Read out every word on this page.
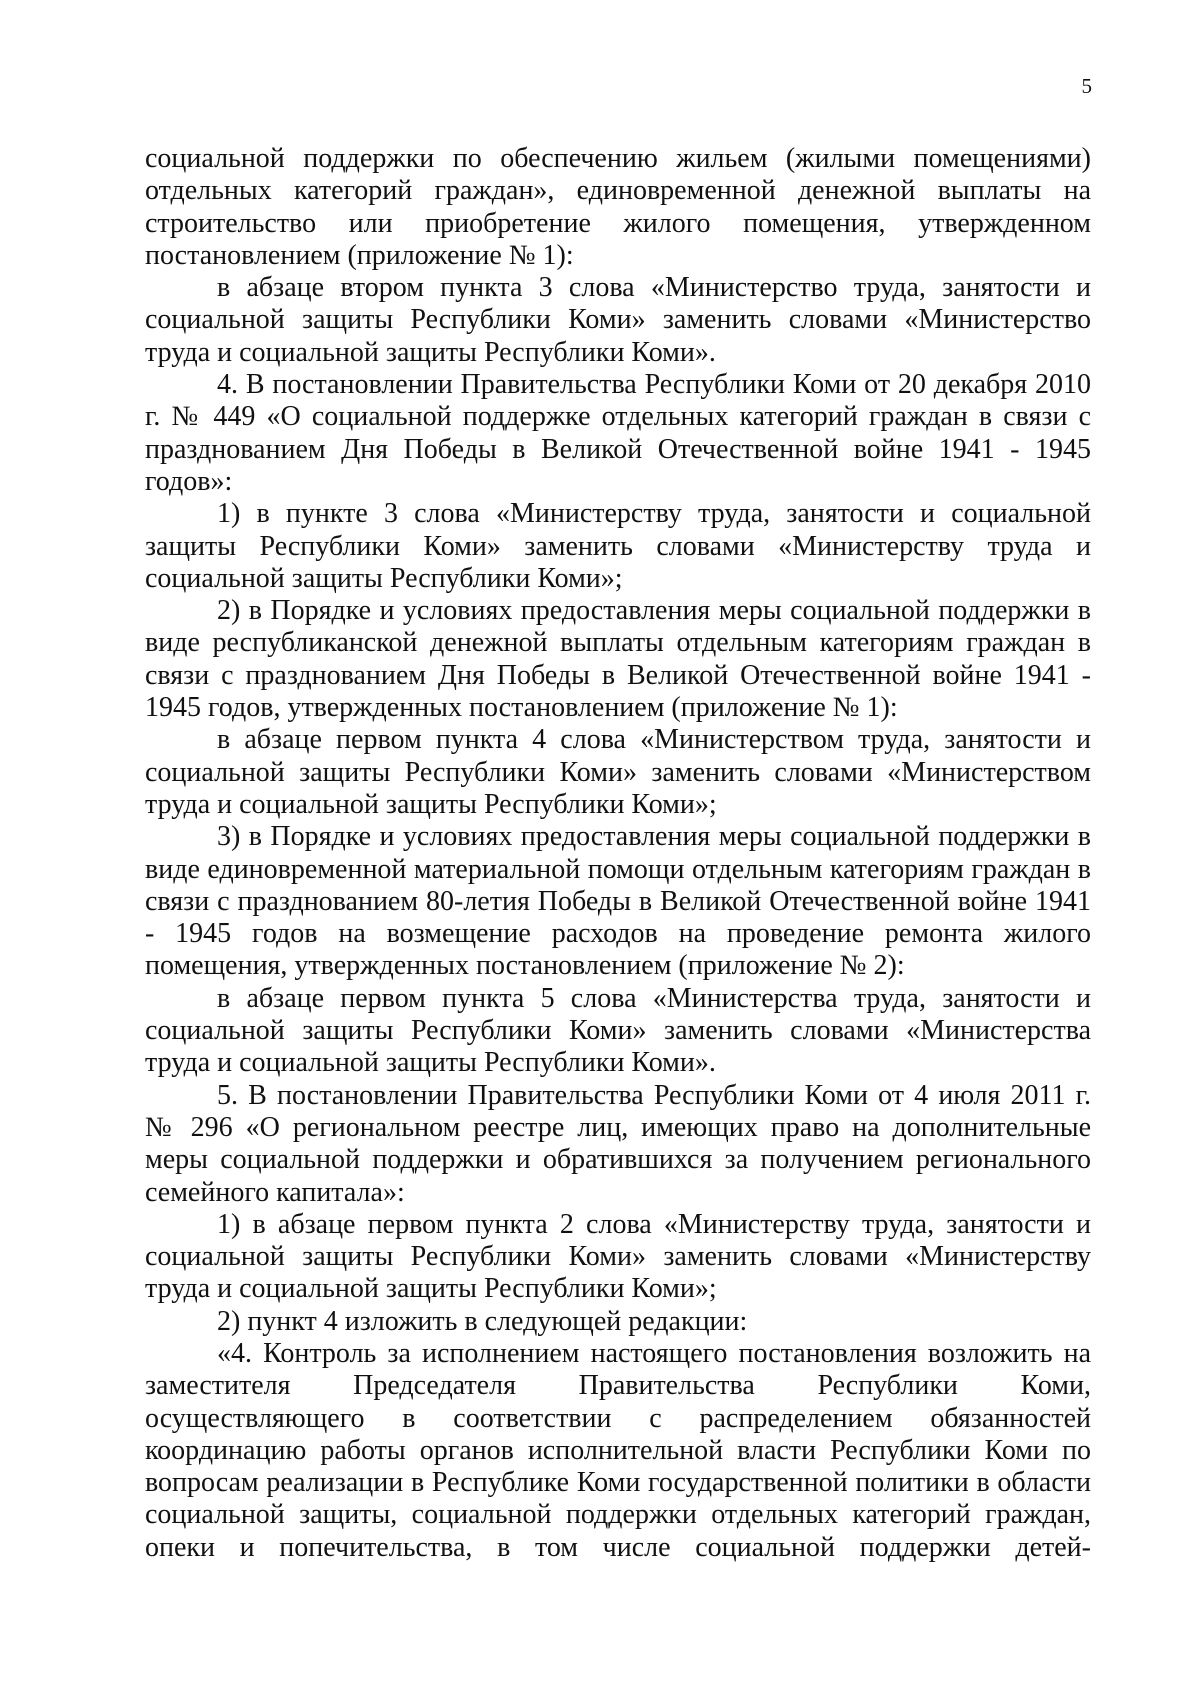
5

социальной поддержки по обеспечению жильем (жилыми помещениями) отдельных категорий граждан», единовременной денежной выплаты на строительство или приобретение жилого помещения, утвержденном постановлением (приложение № 1):

в абзаце втором пункта 3 слова «Министерство труда, занятости и социальной защиты Республики Коми» заменить словами «Министерство труда и социальной защиты Республики Коми».

4. В постановлении Правительства Республики Коми от 20 декабря 2010 г. № 449 «О социальной поддержке отдельных категорий граждан в связи с празднованием Дня Победы в Великой Отечественной войне 1941 - 1945 годов»:

1) в пункте 3 слова «Министерству труда, занятости и социальной защиты Республики Коми» заменить словами «Министерству труда и социальной защиты Республики Коми»;

2) в Порядке и условиях предоставления меры социальной поддержки в виде республиканской денежной выплаты отдельным категориям граждан в связи с празднованием Дня Победы в Великой Отечественной войне 1941 - 1945 годов, утвержденных постановлением (приложение № 1):

в абзаце первом пункта 4 слова «Министерством труда, занятости и социальной защиты Республики Коми» заменить словами «Министерством труда и социальной защиты Республики Коми»;

3) в Порядке и условиях предоставления меры социальной поддержки в виде единовременной материальной помощи отдельным категориям граждан в связи с празднованием 80-летия Победы в Великой Отечественной войне 1941 - 1945 годов на возмещение расходов на проведение ремонта жилого помещения, утвержденных постановлением (приложение № 2):

в абзаце первом пункта 5 слова «Министерства труда, занятости и социальной защиты Республики Коми» заменить словами «Министерства труда и социальной защиты Республики Коми».

5. В постановлении Правительства Республики Коми от 4 июля 2011 г. № 296 «О региональном реестре лиц, имеющих право на дополнительные меры социальной поддержки и обратившихся за получением регионального семейного капитала»:

1) в абзаце первом пункта 2 слова «Министерству труда, занятости и социальной защиты Республики Коми» заменить словами «Министерству труда и социальной защиты Республики Коми»;

2) пункт 4 изложить в следующей редакции:

«4. Контроль за исполнением настоящего постановления возложить на заместителя Председателя Правительства Республики Коми, осуществляющего в соответствии с распределением обязанностей координацию работы органов исполнительной власти Республики Коми по вопросам реализации в Республике Коми государственной политики в области социальной защиты, социальной поддержки отдельных категорий граждан, опеки и попечительства, в том числе социальной поддержки детей-
